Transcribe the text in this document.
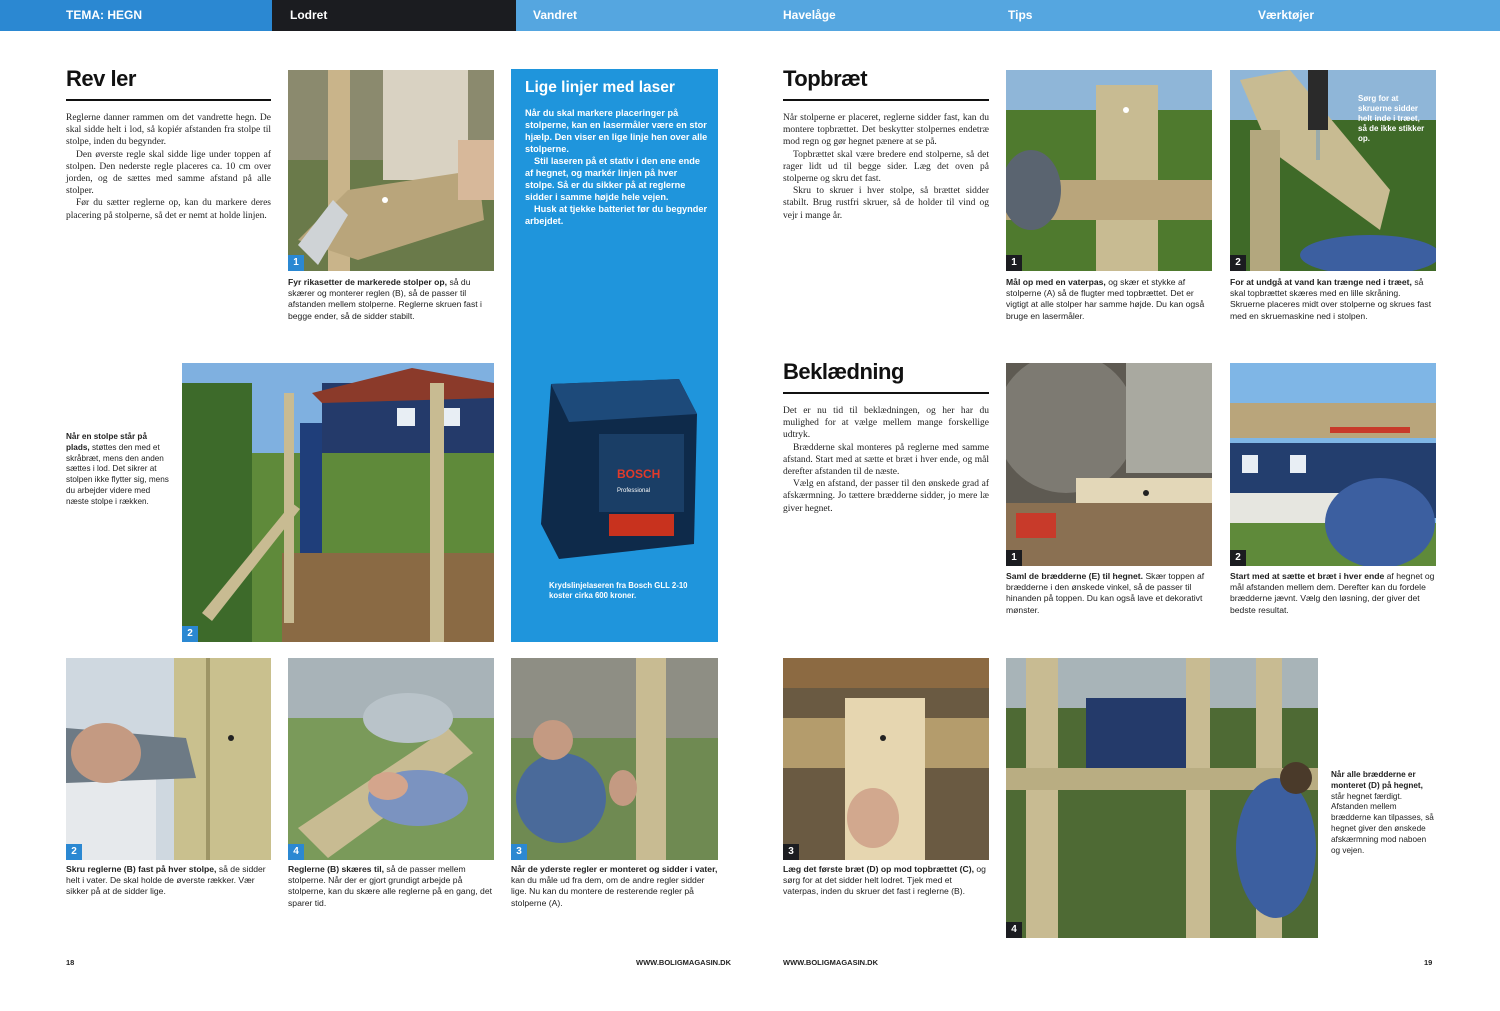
TEMA: HEGN	Lodret	Vandret	Havelåge	Tips	Værktøjer
Rev ler

Reglerne danner rammen om det vandrette hegn. De skal sidde helt i lod, så kopiér afstanden fra stolpe til stolpe, inden du begynder.

Den øverste regle skal sidde lige under toppen af stolpen. Den nederste regle placeres ca. 10 cm over jorden, og de sættes med samme afstand på alle stolper.

Før du sætter reglerne op, kan du markere deres placering på stolperne, så det er nemt at holde linjen.

1
Fyr rikasetter de markerede stolper op, så du skærer og monterer reglen (B), så de passer til afstanden mellem stolperne. Reglerne skruen fast i begge ender, så de sidder stabilt.
2
Når en stolpe står på plads, støttes den med et skråbræt, mens den anden sættes i lod. Det sikrer at stolpen ikke flytter sig, mens du arbejder videre med næste stolpe i rækken.
Lige linjer med laser

Når du skal markere placeringer på stolperne, kan en lasermåler være en stor hjælp. Den viser en lige linje hen over alle stolperne.

Stil laseren på et stativ i den ene ende af hegnet, og markér linjen på hver stolpe. Så er du sikker på at reglerne sidder i samme højde hele vejen.

Husk at tjekke batteriet før du begynder arbejdet.

BOSCH
Professional
Krydslinjelaseren fra Bosch GLL 2-10 koster cirka 600 kroner.
2
Skru reglerne (B) fast på hver stolpe, så de sidder helt i vater. De skal holde de øverste rækker. Vær sikker på at de sidder lige.
4
Reglerne (B) skæres til, så de passer mellem stolperne. Når der er gjort grundigt arbejde på stolperne, kan du skære alle reglerne på en gang, det sparer tid.
3
Når de yderste regler er monteret og sidder i vater, kan du måle ud fra dem, om de andre regler sidder lige. Nu kan du montere de resterende regler på stolperne (A).
18	WWW.BOLIGMAGASIN.DK
Topbræt

Når stolperne er placeret, reglerne sidder fast, kan du montere topbrættet. Det beskytter stolpernes endetræ mod regn og gør hegnet pænere at se på.

Topbrættet skal være bredere end stolperne, så det rager lidt ud til begge sider. Læg det oven på stolperne og skru det fast.

Skru to skruer i hver stolpe, så brættet sidder stabilt. Brug rustfri skruer, så de holder til vind og vejr i mange år.

Beklædning

Det er nu tid til beklædningen, og her har du mulighed for at vælge mellem mange forskellige udtryk.

Brædderne skal monteres på reglerne med samme afstand. Start med at sætte et bræt i hver ende, og mål derefter afstanden til de næste.

Vælg en afstand, der passer til den ønskede grad af afskærmning. Jo tættere brædderne sidder, jo mere læ giver hegnet.

1
Mål op med en vaterpas, og skær et stykke af stolperne (A) så de flugter med topbrættet. Det er vigtigt at alle stolper har samme højde. Du kan også bruge en lasermåler.
Sørg for at skruerne sidder helt inde i træet, så de ikke stikker op.
2
For at undgå at vand kan trænge ned i træet, så skal topbrættet skæres med en lille skråning. Skruerne placeres midt over stolperne og skrues fast med en skruemaskine ned i stolpen.
1
Saml de brædderne (E) til hegnet. Skær toppen af brædderne i den ønskede vinkel, så de passer til hinanden på toppen. Du kan også lave et dekorativt mønster.
2
Start med at sætte et bræt i hver ende af hegnet og mål afstanden mellem dem. Derefter kan du fordele brædderne jævnt. Vælg den løsning, der giver det bedste resultat.
3
Læg det første bræt (D) op mod topbrættet (C), og sørg for at det sidder helt lodret. Tjek med et vaterpas, inden du skruer det fast i reglerne (B).
4
Når alle brædderne er monteret (D) på hegnet, står hegnet færdigt. Afstanden mellem brædderne kan tilpasses, så hegnet giver den ønskede afskærmning mod naboen og vejen.
WWW.BOLIGMAGASIN.DK	19
